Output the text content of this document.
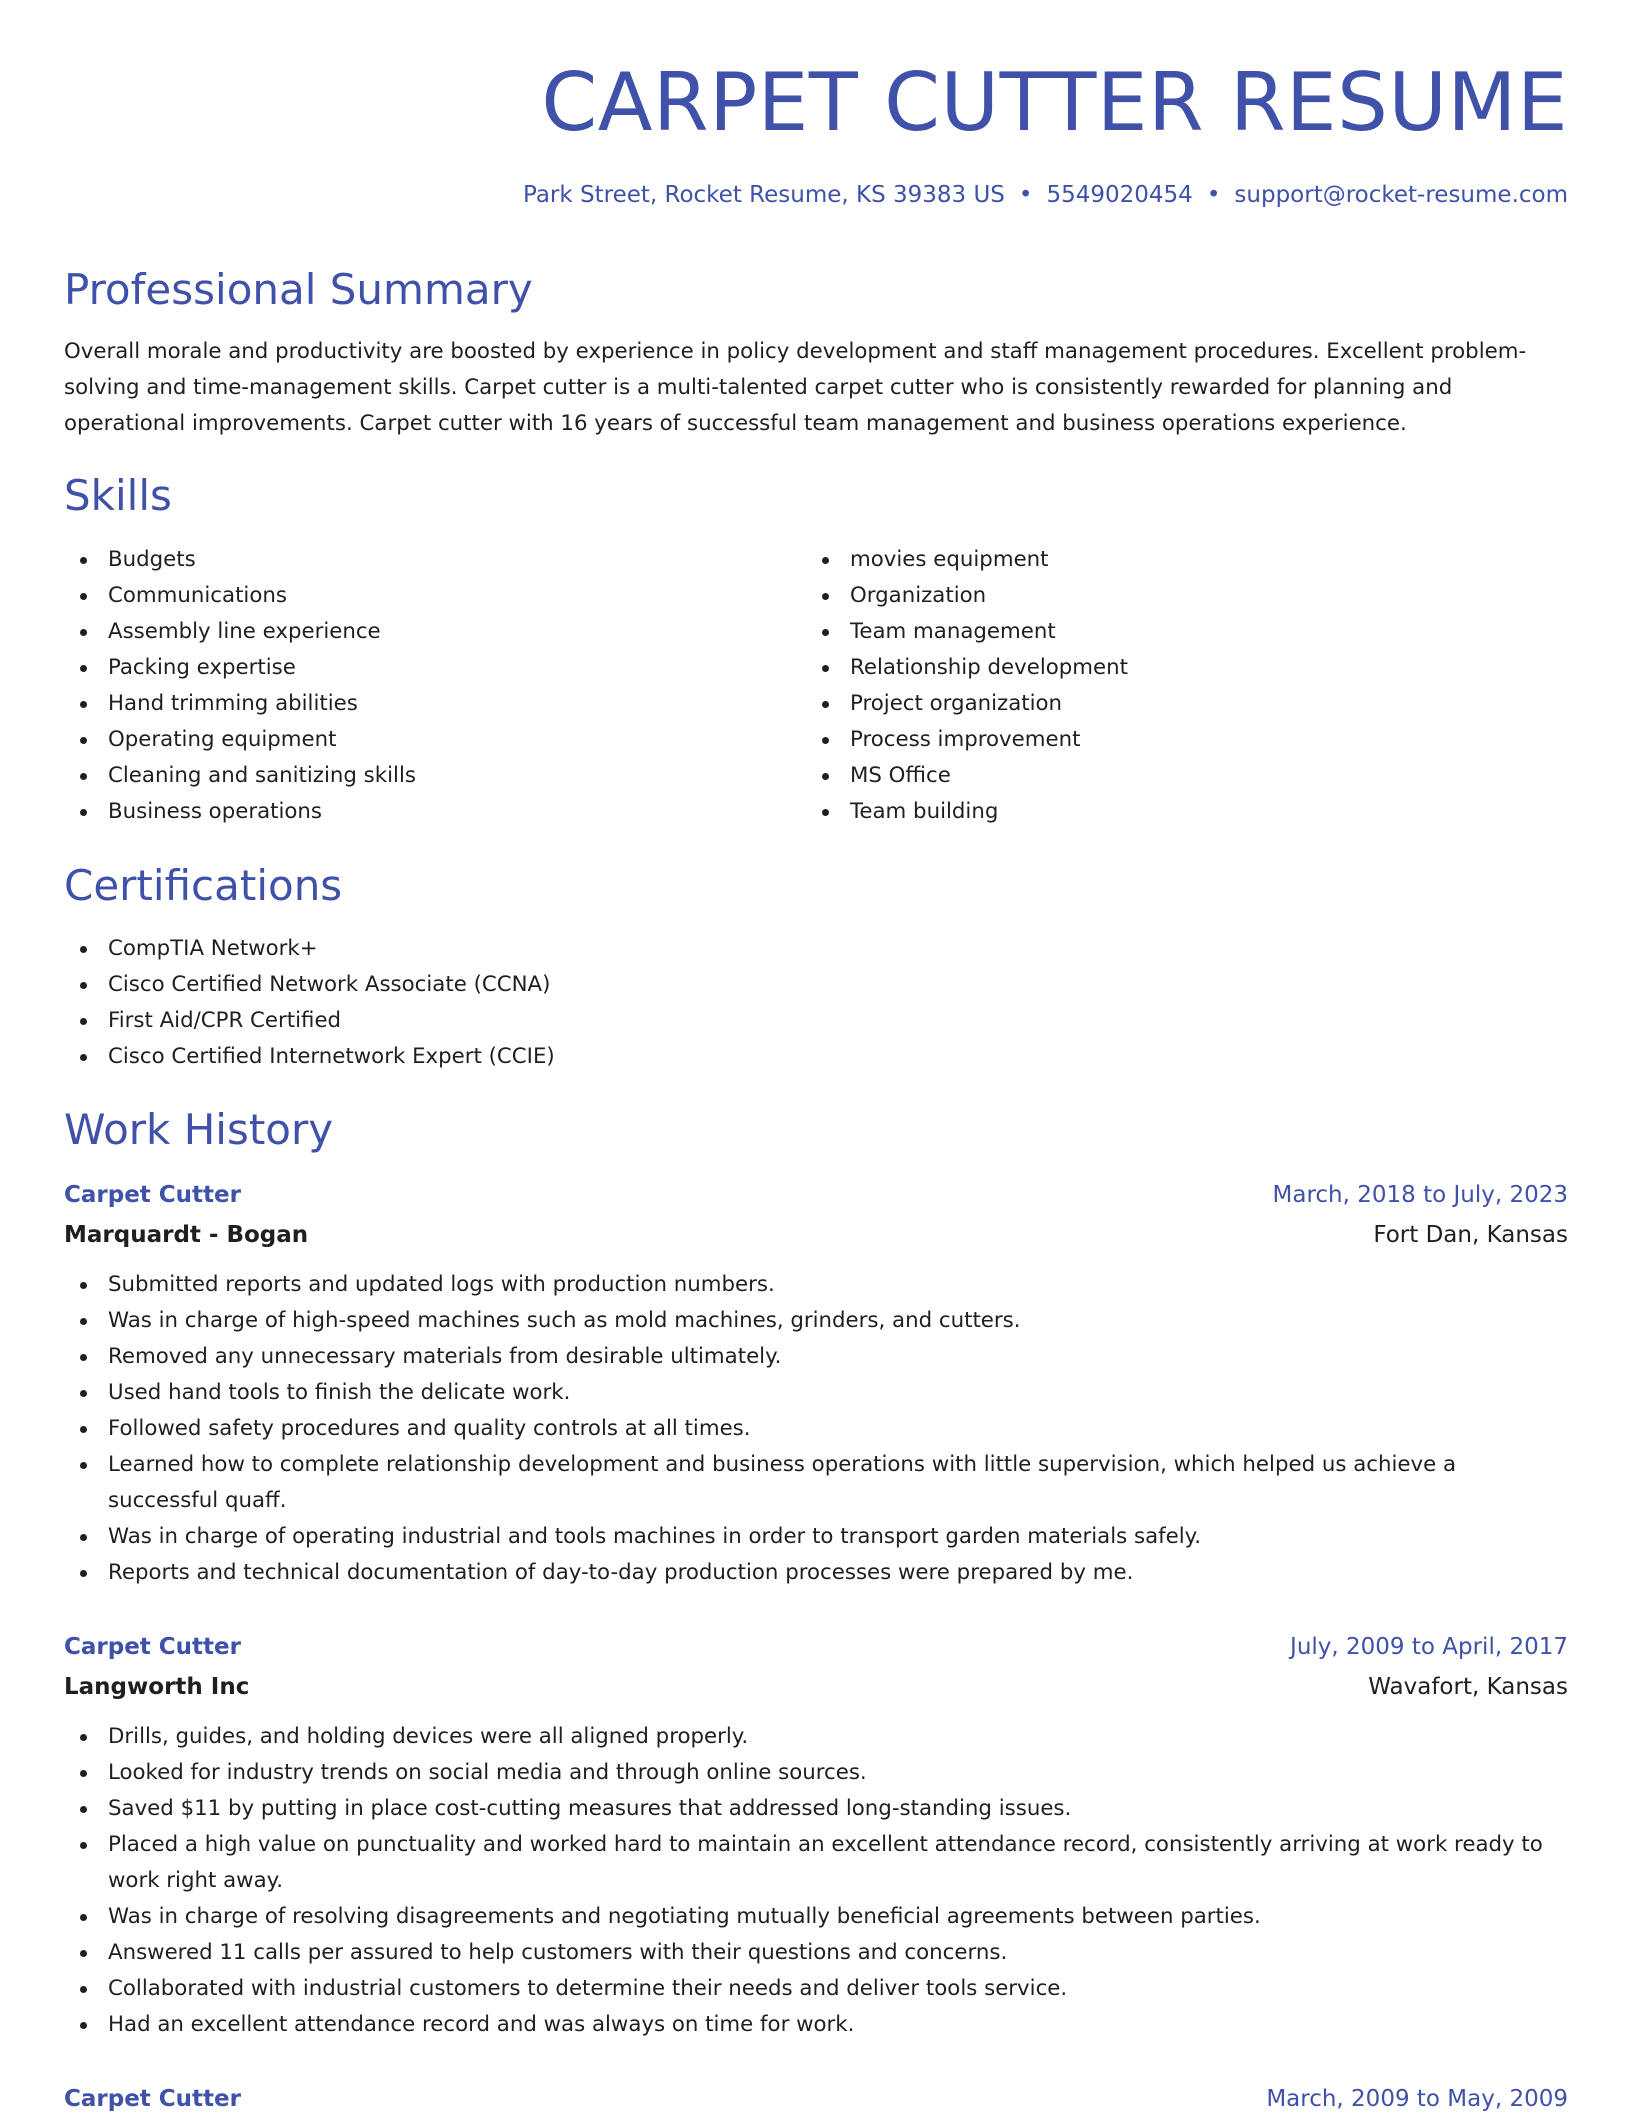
CARPET CUTTER RESUME
Park Street, Rocket Resume, KS 39383 US • 5549020454 • support@rocket-resume.com
Professional Summary
Overall morale and productivity are boosted by experience in policy development and staff management procedures. Excellent problem-solving and time-management skills. Carpet cutter is a multi-talented carpet cutter who is consistently rewarded for planning and operational improvements. Carpet cutter with 16 years of successful team management and business operations experience.
Skills
Budgets
Communications
Assembly line experience
Packing expertise
Hand trimming abilities
Operating equipment
Cleaning and sanitizing skills
Business operations
movies equipment
Organization
Team management
Relationship development
Project organization
Process improvement
MS Office
Team building
Certifications
CompTIA Network+
Cisco Certified Network Associate (CCNA)
First Aid/CPR Certified
Cisco Certified Internetwork Expert (CCIE)
Work History
Carpet Cutter	March, 2018 to July, 2023
Marquardt - Bogan	Fort Dan, Kansas
Submitted reports and updated logs with production numbers.
Was in charge of high-speed machines such as mold machines, grinders, and cutters.
Removed any unnecessary materials from desirable ultimately.
Used hand tools to finish the delicate work.
Followed safety procedures and quality controls at all times.
Learned how to complete relationship development and business operations with little supervision, which helped us achieve a successful quaff.
Was in charge of operating industrial and tools machines in order to transport garden materials safely.
Reports and technical documentation of day-to-day production processes were prepared by me.
Carpet Cutter	July, 2009 to April, 2017
Langworth Inc	Wavafort, Kansas
Drills, guides, and holding devices were all aligned properly.
Looked for industry trends on social media and through online sources.
Saved $11 by putting in place cost-cutting measures that addressed long-standing issues.
Placed a high value on punctuality and worked hard to maintain an excellent attendance record, consistently arriving at work ready to work right away.
Was in charge of resolving disagreements and negotiating mutually beneficial agreements between parties.
Answered 11 calls per assured to help customers with their questions and concerns.
Collaborated with industrial customers to determine their needs and deliver tools service.
Had an excellent attendance record and was always on time for work.
Carpet Cutter	March, 2009 to May, 2009
